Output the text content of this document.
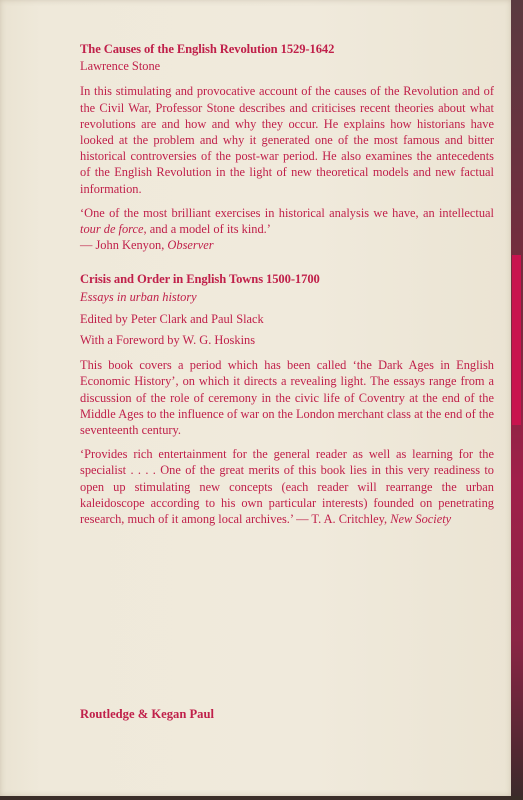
The Causes of the English Revolution 1529-1642
Lawrence Stone
In this stimulating and provocative account of the causes of the Revolution and of the Civil War, Professor Stone describes and criticises recent theories about what revolutions are and how and why they occur. He explains how historians have looked at the problem and why it generated one of the most famous and bitter historical controversies of the post-war period. He also examines the antecedents of the English Revolution in the light of new theoretical models and new factual information.
‘One of the most brilliant exercises in historical analysis we have, an intellectual tour de force, and a model of its kind.’
— John Kenyon, Observer
Crisis and Order in English Towns 1500-1700
Essays in urban history
Edited by Peter Clark and Paul Slack
With a Foreword by W. G. Hoskins
This book covers a period which has been called ‘the Dark Ages in English Economic History’, on which it directs a revealing light. The essays range from a discussion of the role of ceremony in the civic life of Coventry at the end of the Middle Ages to the influence of war on the London merchant class at the end of the seventeenth century.
‘Provides rich entertainment for the general reader as well as learning for the specialist . . . . One of the great merits of this book lies in this very readiness to open up stimulating new concepts (each reader will rearrange the urban kaleidoscope according to his own particular interests) founded on penetrating research, much of it among local archives.’ — T. A. Critchley, New Society
Routledge & Kegan Paul
